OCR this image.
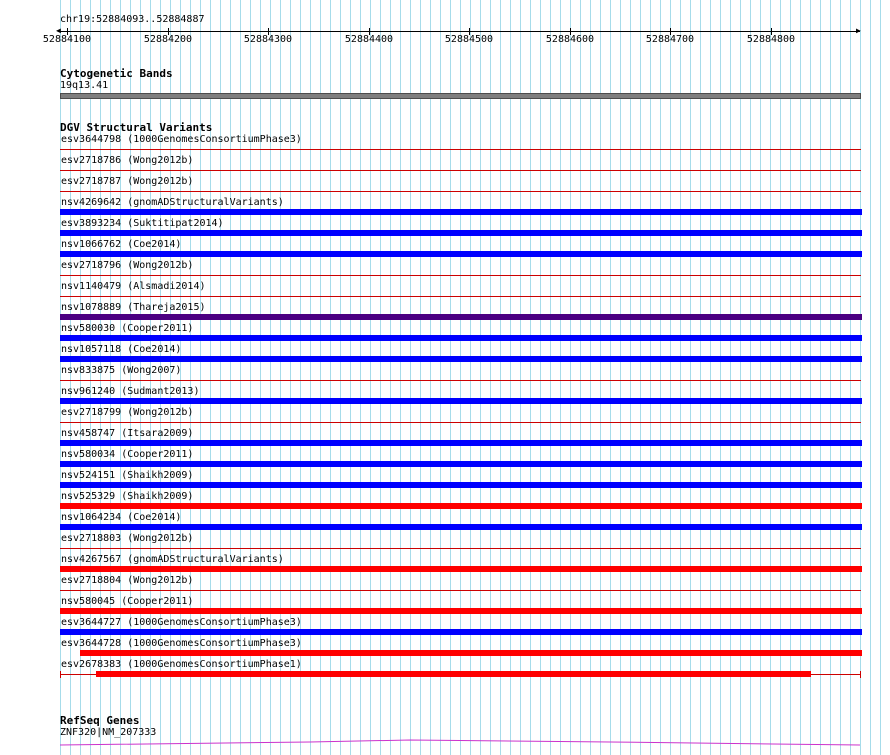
chr19:52884093..52884887
◀	▶
52884100	52884200	52884300	52884400	52884500	52884600	52884700	52884800
Cytogenetic Bands
19q13.41
DGV Structural Variants
esv3644798 (1000GenomesConsortiumPhase3)
esv2718786 (Wong2012b)
esv2718787 (Wong2012b)
nsv4269642 (gnomADStructuralVariants)
esv3893234 (Suktitipat2014)
nsv1066762 (Coe2014)
esv2718796 (Wong2012b)
nsv1140479 (Alsmadi2014)
nsv1078889 (Thareja2015)
nsv580030 (Cooper2011)
nsv1057118 (Coe2014)
nsv833875 (Wong2007)
nsv961240 (Sudmant2013)
esv2718799 (Wong2012b)
nsv458747 (Itsara2009)
nsv580034 (Cooper2011)
nsv524151 (Shaikh2009)
nsv525329 (Shaikh2009)
nsv1064234 (Coe2014)
esv2718803 (Wong2012b)
nsv4267567 (gnomADStructuralVariants)
esv2718804 (Wong2012b)
nsv580045 (Cooper2011)
esv3644727 (1000GenomesConsortiumPhase3)
esv3644728 (1000GenomesConsortiumPhase3)
esv2678383 (1000GenomesConsortiumPhase1)
RefSeq Genes
ZNF320|NM_207333
